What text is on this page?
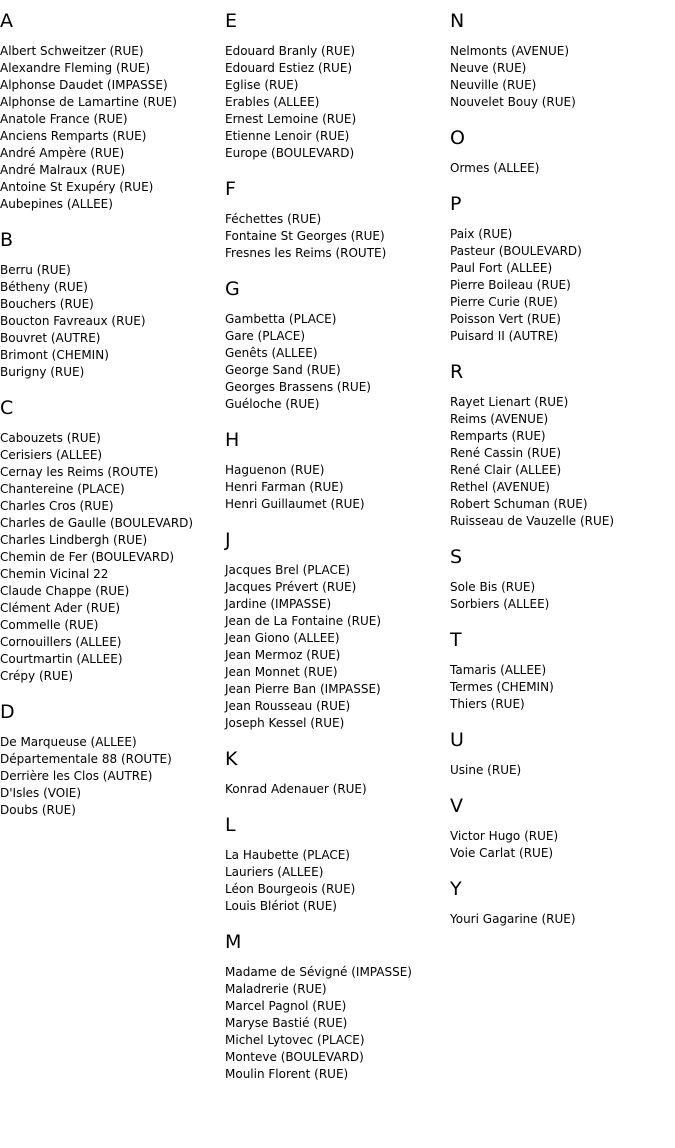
A
Albert Schweitzer (RUE)
Alexandre Fleming (RUE)
Alphonse Daudet (IMPASSE)
Alphonse de Lamartine (RUE)
Anatole France (RUE)
Anciens Remparts (RUE)
André Ampère (RUE)
André Malraux (RUE)
Antoine St Exupéry (RUE)
Aubepines (ALLEE)
B
Berru (RUE)
Bétheny (RUE)
Bouchers (RUE)
Boucton Favreaux (RUE)
Bouvret (AUTRE)
Brimont (CHEMIN)
Burigny (RUE)
C
Cabouzets (RUE)
Cerisiers (ALLEE)
Cernay les Reims (ROUTE)
Chantereine (PLACE)
Charles Cros (RUE)
Charles de Gaulle (BOULEVARD)
Charles Lindbergh (RUE)
Chemin de Fer (BOULEVARD)
Chemin Vicinal 22
Claude Chappe (RUE)
Clément Ader (RUE)
Commelle (RUE)
Cornouillers (ALLEE)
Courtmartin (ALLEE)
Crépy (RUE)
D
De Marqueuse (ALLEE)
Départementale 88 (ROUTE)
Derrière les Clos (AUTRE)
D'Isles (VOIE)
Doubs (RUE)
E
Edouard Branly (RUE)
Edouard Estiez (RUE)
Eglise (RUE)
Erables (ALLEE)
Ernest Lemoine (RUE)
Etienne Lenoir (RUE)
Europe (BOULEVARD)
F
Féchettes (RUE)
Fontaine St Georges (RUE)
Fresnes les Reims (ROUTE)
G
Gambetta (PLACE)
Gare (PLACE)
Genêts (ALLEE)
George Sand (RUE)
Georges Brassens (RUE)
Guéloche (RUE)
H
Haguenon (RUE)
Henri Farman (RUE)
Henri Guillaumet (RUE)
J
Jacques Brel (PLACE)
Jacques Prévert (RUE)
Jardine (IMPASSE)
Jean de La Fontaine (RUE)
Jean Giono (ALLEE)
Jean Mermoz (RUE)
Jean Monnet (RUE)
Jean Pierre Ban (IMPASSE)
Jean Rousseau (RUE)
Joseph Kessel (RUE)
K
Konrad Adenauer (RUE)
L
La Haubette (PLACE)
Lauriers (ALLEE)
Léon Bourgeois (RUE)
Louis Blériot (RUE)
M
Madame de Sévigné (IMPASSE)
Maladrerie (RUE)
Marcel Pagnol (RUE)
Maryse Bastié (RUE)
Michel Lytovec (PLACE)
Monteve (BOULEVARD)
Moulin Florent (RUE)
N
Nelmonts (AVENUE)
Neuve (RUE)
Neuville (RUE)
Nouvelet Bouy (RUE)
O
Ormes (ALLEE)
P
Paix (RUE)
Pasteur (BOULEVARD)
Paul Fort (ALLEE)
Pierre Boileau (RUE)
Pierre Curie (RUE)
Poisson Vert (RUE)
Puisard II (AUTRE)
R
Rayet Lienart (RUE)
Reims (AVENUE)
Remparts (RUE)
René Cassin (RUE)
René Clair (ALLEE)
Rethel (AVENUE)
Robert Schuman (RUE)
Ruisseau de Vauzelle (RUE)
S
Sole Bis (RUE)
Sorbiers (ALLEE)
T
Tamaris (ALLEE)
Termes (CHEMIN)
Thiers (RUE)
U
Usine (RUE)
V
Victor Hugo (RUE)
Voie Carlat (RUE)
Y
Youri Gagarine (RUE)
